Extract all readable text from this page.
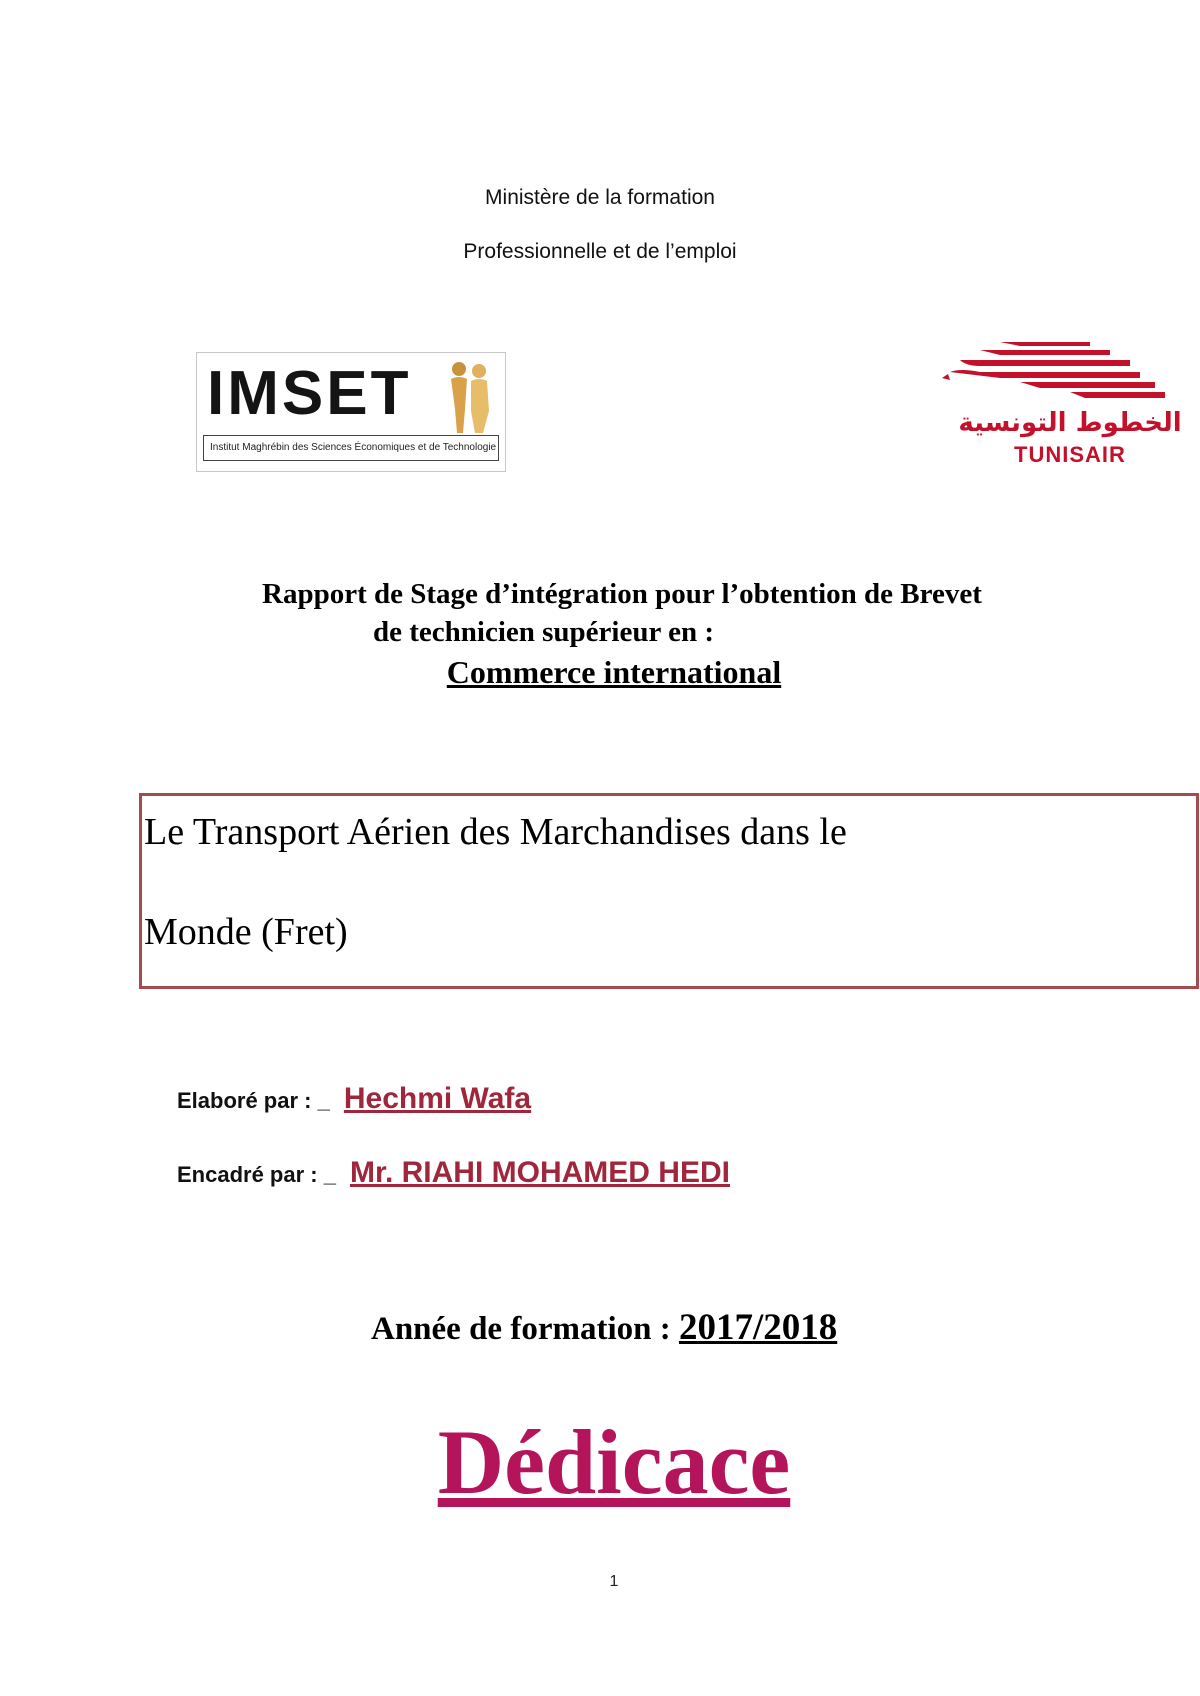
Ministère de la formation
Professionnelle et de l’emploi
IMSET
Institut Maghrébin des Sciences Économiques et de Technologie
الخطوط التونسية
TUNISAIR
Rapport de Stage d’intégration pour l’obtention de Brevet
de technicien supérieur en :
Commerce international
Le Transport Aérien des Marchandises dans le
Monde (Fret)
Elaboré par : _ Hechmi Wafa
Encadré par : _ Mr. RIAHI MOHAMED HEDI
Année de formation : 2017/2018
Dédicace
1
